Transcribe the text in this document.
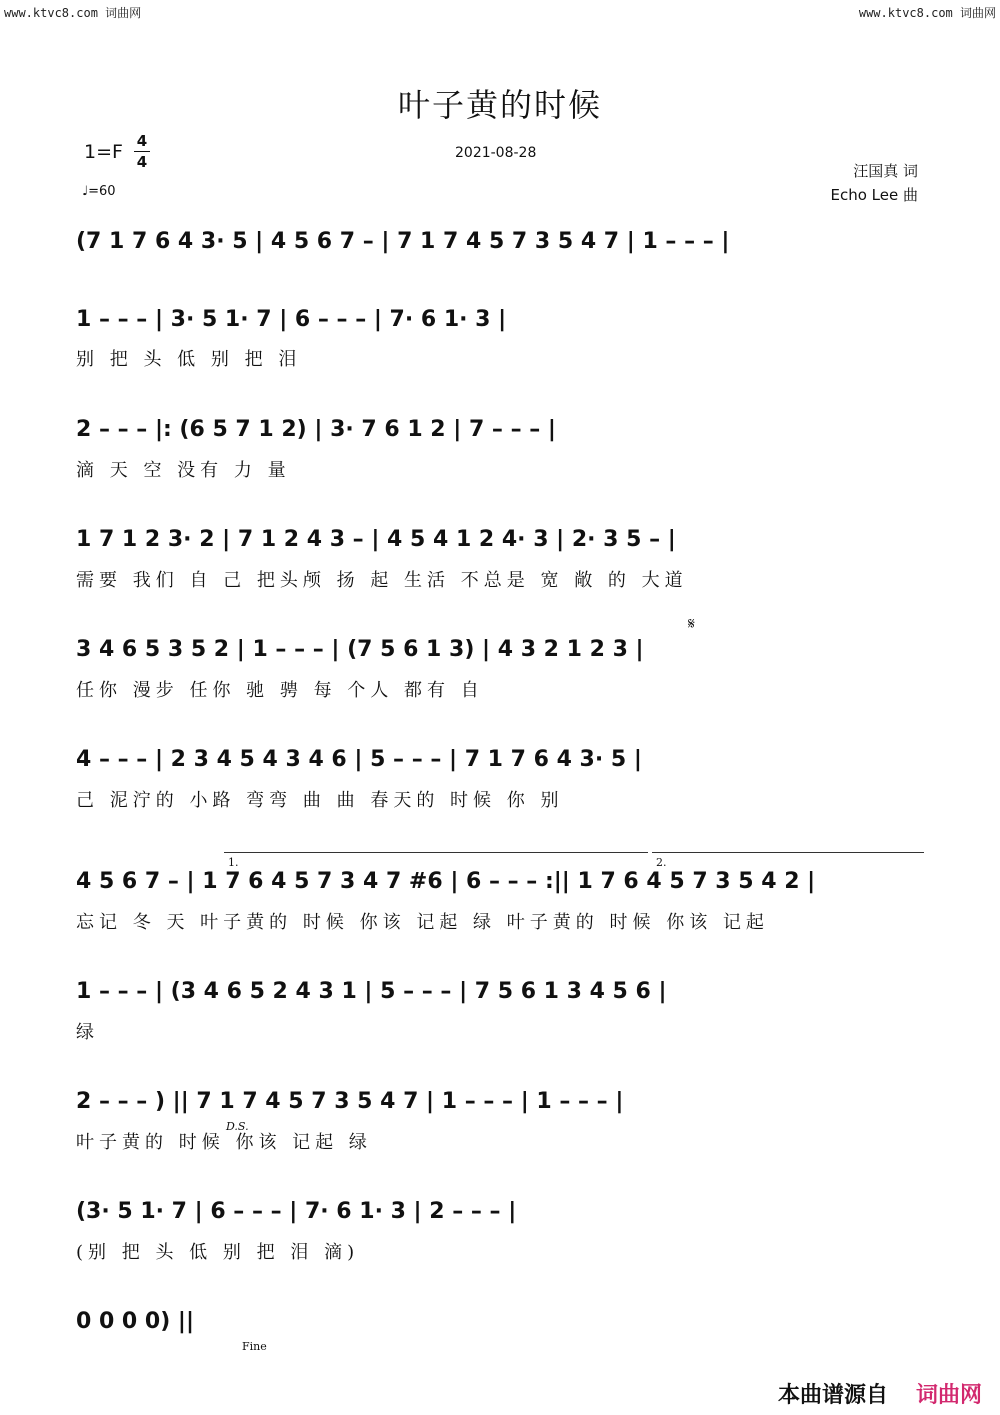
www.ktvc8.com 词曲网	www.ktvc8.com 词曲网
叶子黄的时候
2021-08-28
1=F 4
4
♩=60
汪国真 词
Echo Lee 曲
(7 1 7 6 4 3· 5 | 4 5 6 7 – | 7 1 7 4 5 7 3 5 4 7 | 1 – – – |
1 – – – | 3· 5 1· 7 | 6 – – – | 7· 6 1· 3 |
别 把 头 低 别 把 泪
2 – – – |: (6 5 7 1 2) | 3· 7 6 1 2 | 7 – – – |
滴 天 空 没有 力 量
1 7 1 2 3· 2 | 7 1 2 4 3 – | 4 5 4 1 2 4· 3 | 2· 3 5 – |
需要 我们 自 己 把头颅 扬 起 生活 不总是 宽 敞 的 大道
𝄋
3 4 6 5 3 5 2 | 1 – – – | (7 5 6 1 3) | 4 3 2 1 2 3 |
任你 漫步 任你 驰 骋 每 个人 都有 自
4 – – – | 2 3 4 5 4 3 4 6 | 5 – – – | 7 1 7 6 4 3· 5 |
己 泥泞的 小路 弯弯 曲 曲 春天的 时候 你 别
1.	2.
4 5 6 7 – | 1 7 6 4 5 7 3 4 7 #6 | 6 – – – :|| 1 7 6 4 5 7 3 5 4 2 |
忘记 冬 天 叶子黄的 时候 你该 记起 绿 叶子黄的 时候 你该 记起
1 – – – | (3 4 6 5 2 4 3 1 | 5 – – – | 7 5 6 1 3 4 5 6 |
绿
2 – – – ) || 7 1 7 4 5 7 3 5 4 7 | 1 – – – | 1 – – – |
D.S.
叶子黄的 时候 你该 记起 绿
(3· 5 1· 7 | 6 – – – | 7· 6 1· 3 | 2 – – – |
(别 把 头 低 别 把 泪 滴)
0 0 0 0) ||
Fine
本曲谱源自 词曲网
